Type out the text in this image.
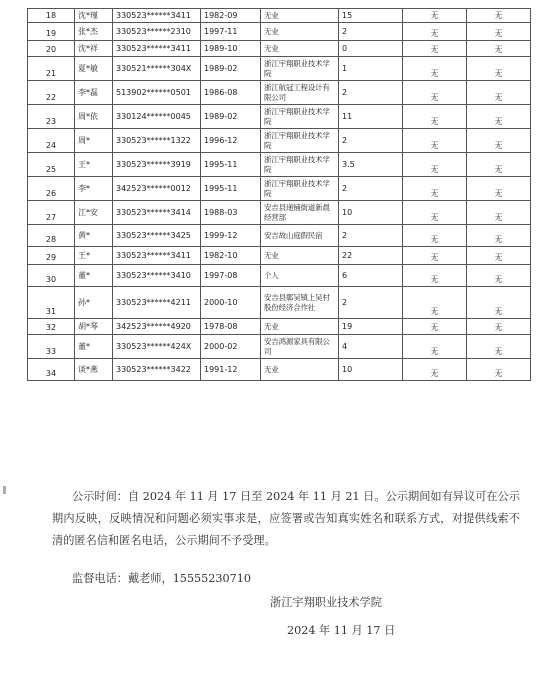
18	沈*瑾	330523******3411	1982-09	无业	15	无	无
19	张*杰	330523******2310	1997-11	无业	2	无	无
20	沈*祥	330523******3411	1989-10	无业	0	无	无
21	夏*敏	330521******304X	1989-02	浙江宇翔职业技术学院	1	无	无
22	李*磊	513902******0501	1986-08	浙江航冠工程设计有限公司	2	无	无
23	周*依	330124******0045	1989-02	浙江宇翔职业技术学院	11	无	无
24	周*	330523******1322	1996-12	浙江宇翔职业技术学院	2	无	无
25	王*	330523******3919	1995-11	浙江宇翔职业技术学院	3.5	无	无
26	李*	342523******0012	1995-11	浙江宇翔职业技术学院	2	无	无
27	江*安	330523******3414	1988-03	安吉县递铺街道新晨经营部	10	无	无
28	黄*	330523******3425	1999-12	安吉故山庭假民宿	2	无	无
29	王*	330523******3411	1982-10	无业	22	无	无
30	董*	330523******3410	1997-08	个人	6	无	无
31	孙*	330523******4211	2000-10	安吉县鄣吴镇上吴村股份经济合作社	2	无	无
32	胡*琴	342523******4920	1978-08	无业	19	无	无
33	董*	330523******424X	2000-02	安吉鸿源家具有限公司	4	无	无
34	谈*燕	330523******3422	1991-12	无业	10	无	无

公示时间：自 2024 年 11 月 17 日至 2024 年 11 月 21 日。公示期间如有异议可在公示期内反映，反映情况和问题必须实事求是，应签署或告知真实姓名和联系方式，对提供线索不清的匿名信和匿名电话，公示期间不予受理。

监督电话：戴老师，15555230710
浙江宇翔职业技术学院
2024 年 11 月 17 日
